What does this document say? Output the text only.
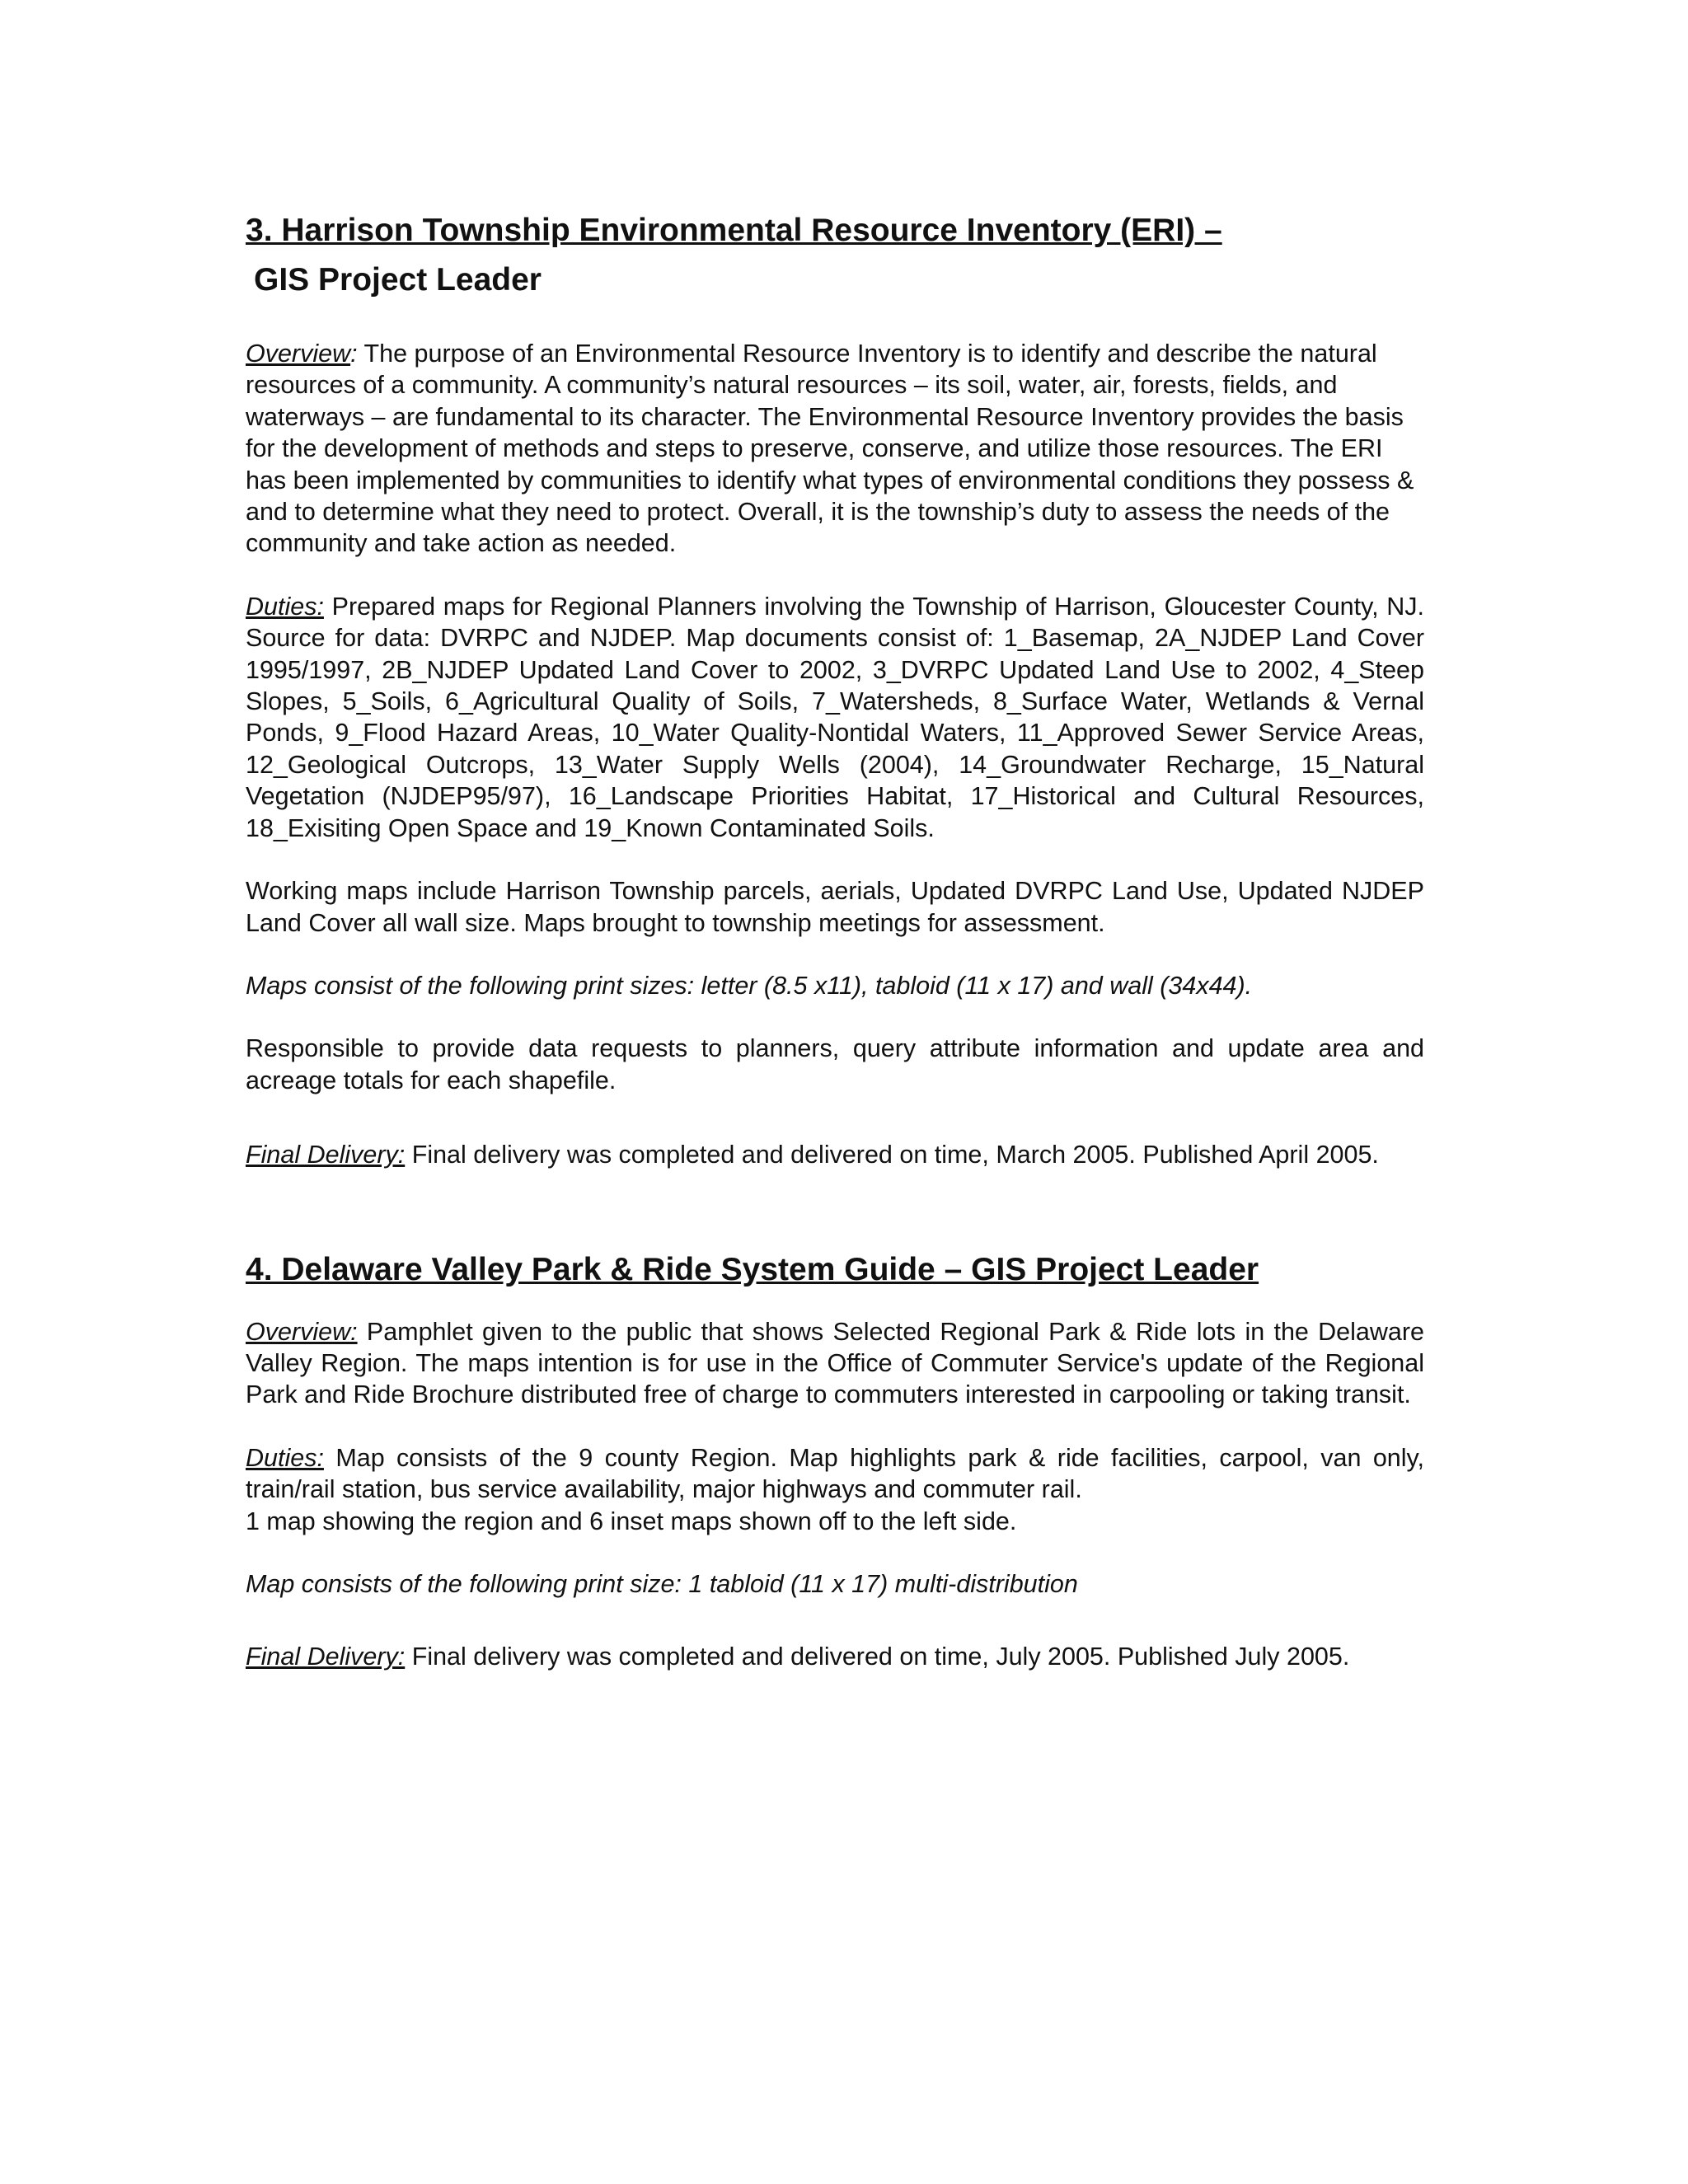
3. Harrison Township Environmental Resource Inventory (ERI) –
GIS Project Leader

Overview: The purpose of an Environmental Resource Inventory is to identify and describe the natural resources of a community. A community’s natural resources – its soil, water, air, forests, fields, and waterways – are fundamental to its character. The Environmental Resource Inventory provides the basis for the development of methods and steps to preserve, conserve, and utilize those resources. The ERI has been implemented by communities to identify what types of environmental conditions they possess & and to determine what they need to protect. Overall, it is the township’s duty to assess the needs of the community and take action as needed.

Duties: Prepared maps for Regional Planners involving the Township of Harrison, Gloucester County, NJ. Source for data: DVRPC and NJDEP. Map documents consist of: 1_Basemap, 2A_NJDEP Land Cover 1995/1997, 2B_NJDEP Updated Land Cover to 2002, 3_DVRPC Updated Land Use to 2002, 4_Steep Slopes, 5_Soils, 6_Agricultural Quality of Soils, 7_Watersheds, 8_Surface Water, Wetlands & Vernal Ponds, 9_Flood Hazard Areas, 10_Water Quality-Nontidal Waters, 11_Approved Sewer Service Areas, 12_Geological Outcrops, 13_Water Supply Wells (2004), 14_Groundwater Recharge, 15_Natural Vegetation (NJDEP95/97), 16_Landscape Priorities Habitat, 17_Historical and Cultural Resources, 18_Exisiting Open Space and 19_Known Contaminated Soils.

Working maps include Harrison Township parcels, aerials, Updated DVRPC Land Use, Updated NJDEP Land Cover all wall size. Maps brought to township meetings for assessment.

Maps consist of the following print sizes: letter (8.5 x11), tabloid (11 x 17) and wall (34x44).

Responsible to provide data requests to planners, query attribute information and update area and acreage totals for each shapefile.

Final Delivery: Final delivery was completed and delivered on time, March 2005. Published April 2005.

4. Delaware Valley Park & Ride System Guide – GIS Project Leader

Overview: Pamphlet given to the public that shows Selected Regional Park & Ride lots in the Delaware Valley Region. The maps intention is for use in the Office of Commuter Service's update of the Regional Park and Ride Brochure distributed free of charge to commuters interested in carpooling or taking transit.

Duties: Map consists of the 9 county Region. Map highlights park & ride facilities, carpool, van only, train/rail station, bus service availability, major highways and commuter rail.

1 map showing the region and 6 inset maps shown off to the left side.

Map consists of the following print size: 1 tabloid (11 x 17) multi-distribution

Final Delivery: Final delivery was completed and delivered on time, July 2005. Published July 2005.
